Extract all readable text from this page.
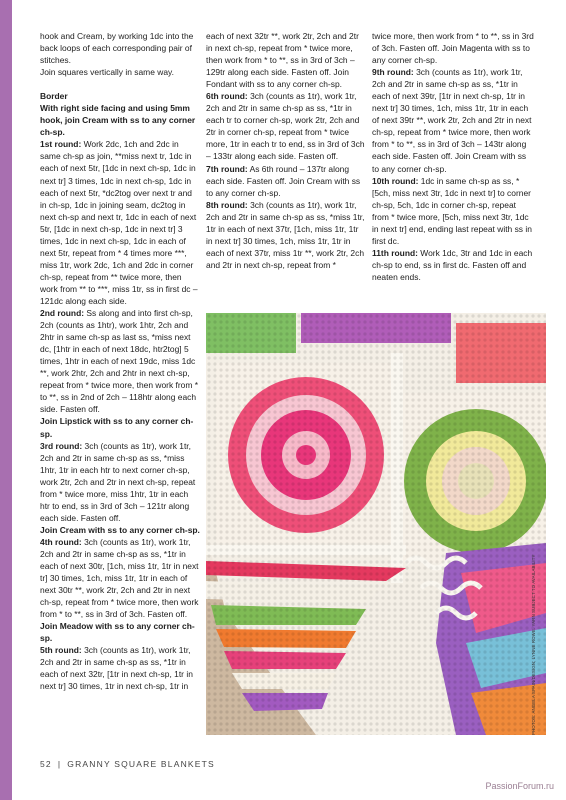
hook and Cream, by working 1dc into the back loops of each corresponding pair of stitches.

Join squares vertically in same way.

Border

With right side facing and using 5mm hook, join Cream with ss to any corner ch-sp.

1st round: Work 2dc, 1ch and 2dc in same ch-sp as join, **miss next tr, 1dc in each of next 5tr, [1dc in next ch-sp, 1dc in next tr] 3 times, 1dc in next ch-sp, 1dc in each of next 5tr, *dc2tog over next tr and in ch-sp, 1dc in joining seam, dc2tog in next ch-sp and next tr, 1dc in each of next 5tr, [1dc in next ch-sp, 1dc in next tr] 3 times, 1dc in next ch-sp, 1dc in each of next 5tr, repeat from * 4 times more ***, miss 1tr, work 2dc, 1ch and 2dc in corner ch-sp, repeat from ** twice more, then work from ** to ***, miss 1tr, ss in first dc – 121dc along each side.

2nd round: Ss along and into first ch-sp, 2ch (counts as 1htr), work 1htr, 2ch and 2htr in same ch-sp as last ss, *miss next dc, [1htr in each of next 18dc, htr2tog] 5 times, 1htr in each of next 19dc, miss 1dc **, work 2htr, 2ch and 2htr in next ch-sp, repeat from * twice more, then work from * to **, ss in 2nd of 2ch – 118htr along each side. Fasten off.

Join Lipstick with ss to any corner ch-sp.

3rd round: 3ch (counts as 1tr), work 1tr, 2ch and 2tr in same ch-sp as ss, *miss 1htr, 1tr in each htr to next corner ch-sp, work 2tr, 2ch and 2tr in next ch-sp, repeat from * twice more, miss 1htr, 1tr in each htr to end, ss in 3rd of 3ch – 121tr along each side. Fasten off.

Join Cream with ss to any corner ch-sp.

4th round: 3ch (counts as 1tr), work 1tr, 2ch and 2tr in same ch-sp as ss, *1tr in each of next 30tr, [1ch, miss 1tr, 1tr in next tr] 30 times, 1ch, miss 1tr, 1tr in each of next 30tr **, work 2tr, 2ch and 2tr in next ch-sp, repeat from * twice more, then work from * to **, ss in 3rd of 3ch. Fasten off.

Join Meadow with ss to any corner ch-sp.

5th round: 3ch (counts as 1tr), work 1tr, 2ch and 2tr in same ch-sp as ss, *1tr in each of next 32tr, [1tr in next ch-sp, 1tr in next tr] 30 times, 1tr in next ch-sp, 1tr in

each of next 32tr **, work 2tr, 2ch and 2tr in next ch-sp, repeat from * twice more, then work from * to **, ss in 3rd of 3ch – 129tr along each side. Fasten off. Join Fondant with ss to any corner ch-sp.

6th round: 3ch (counts as 1tr), work 1tr, 2ch and 2tr in same ch-sp as ss, *1tr in each tr to corner ch-sp, work 2tr, 2ch and 2tr in corner ch-sp, repeat from * twice more, 1tr in each tr to end, ss in 3rd of 3ch – 133tr along each side. Fasten off.

7th round: As 6th round – 137tr along each side. Fasten off. Join Cream with ss to any corner ch-sp.

8th round: 3ch (counts as 1tr), work 1tr, 2ch and 2tr in same ch-sp as ss, *miss 1tr, 1tr in each of next 37tr, [1ch, miss 1tr, 1tr in next tr] 30 times, 1ch, miss 1tr, 1tr in each of next 37tr, miss 1tr **, work 2tr, 2ch and 2tr in next ch-sp, repeat from *

twice more, then work from * to **, ss in 3rd of 3ch. Fasten off. Join Magenta with ss to any corner ch-sp.

9th round: 3ch (counts as 1tr), work 1tr, 2ch and 2tr in same ch-sp as ss, *1tr in each of next 39tr, [1tr in next ch-sp, 1tr in next tr] 30 times, 1ch, miss 1tr, 1tr in each of next 39tr **, work 2tr, 2ch and 2tr in next ch-sp, repeat from * twice more, then work from * to **, ss in 3rd of 3ch – 143tr along each side. Fasten off. Join Cream with ss to any corner ch-sp.

10th round: 1dc in same ch-sp as ss, *[5ch, miss next 3tr, 1dc in next tr] to corner ch-sp, 5ch, 1dc in corner ch-sp, repeat from * twice more, [5ch, miss next 3tr, 1dc in next tr] end, ending last repeat with ss in first dc.

11th round: Work 1dc, 3tr and 1dc in each ch-sp to end, ss in first dc. Fasten off and neaten ends.

PHOTOS: ANGELA SPAIN/DESIGN; LYNNE ROWE. YARN SUBJECT TO AVAILABILITY
52 | GRANNY SQUARE BLANKETS
PassionForum.ru
